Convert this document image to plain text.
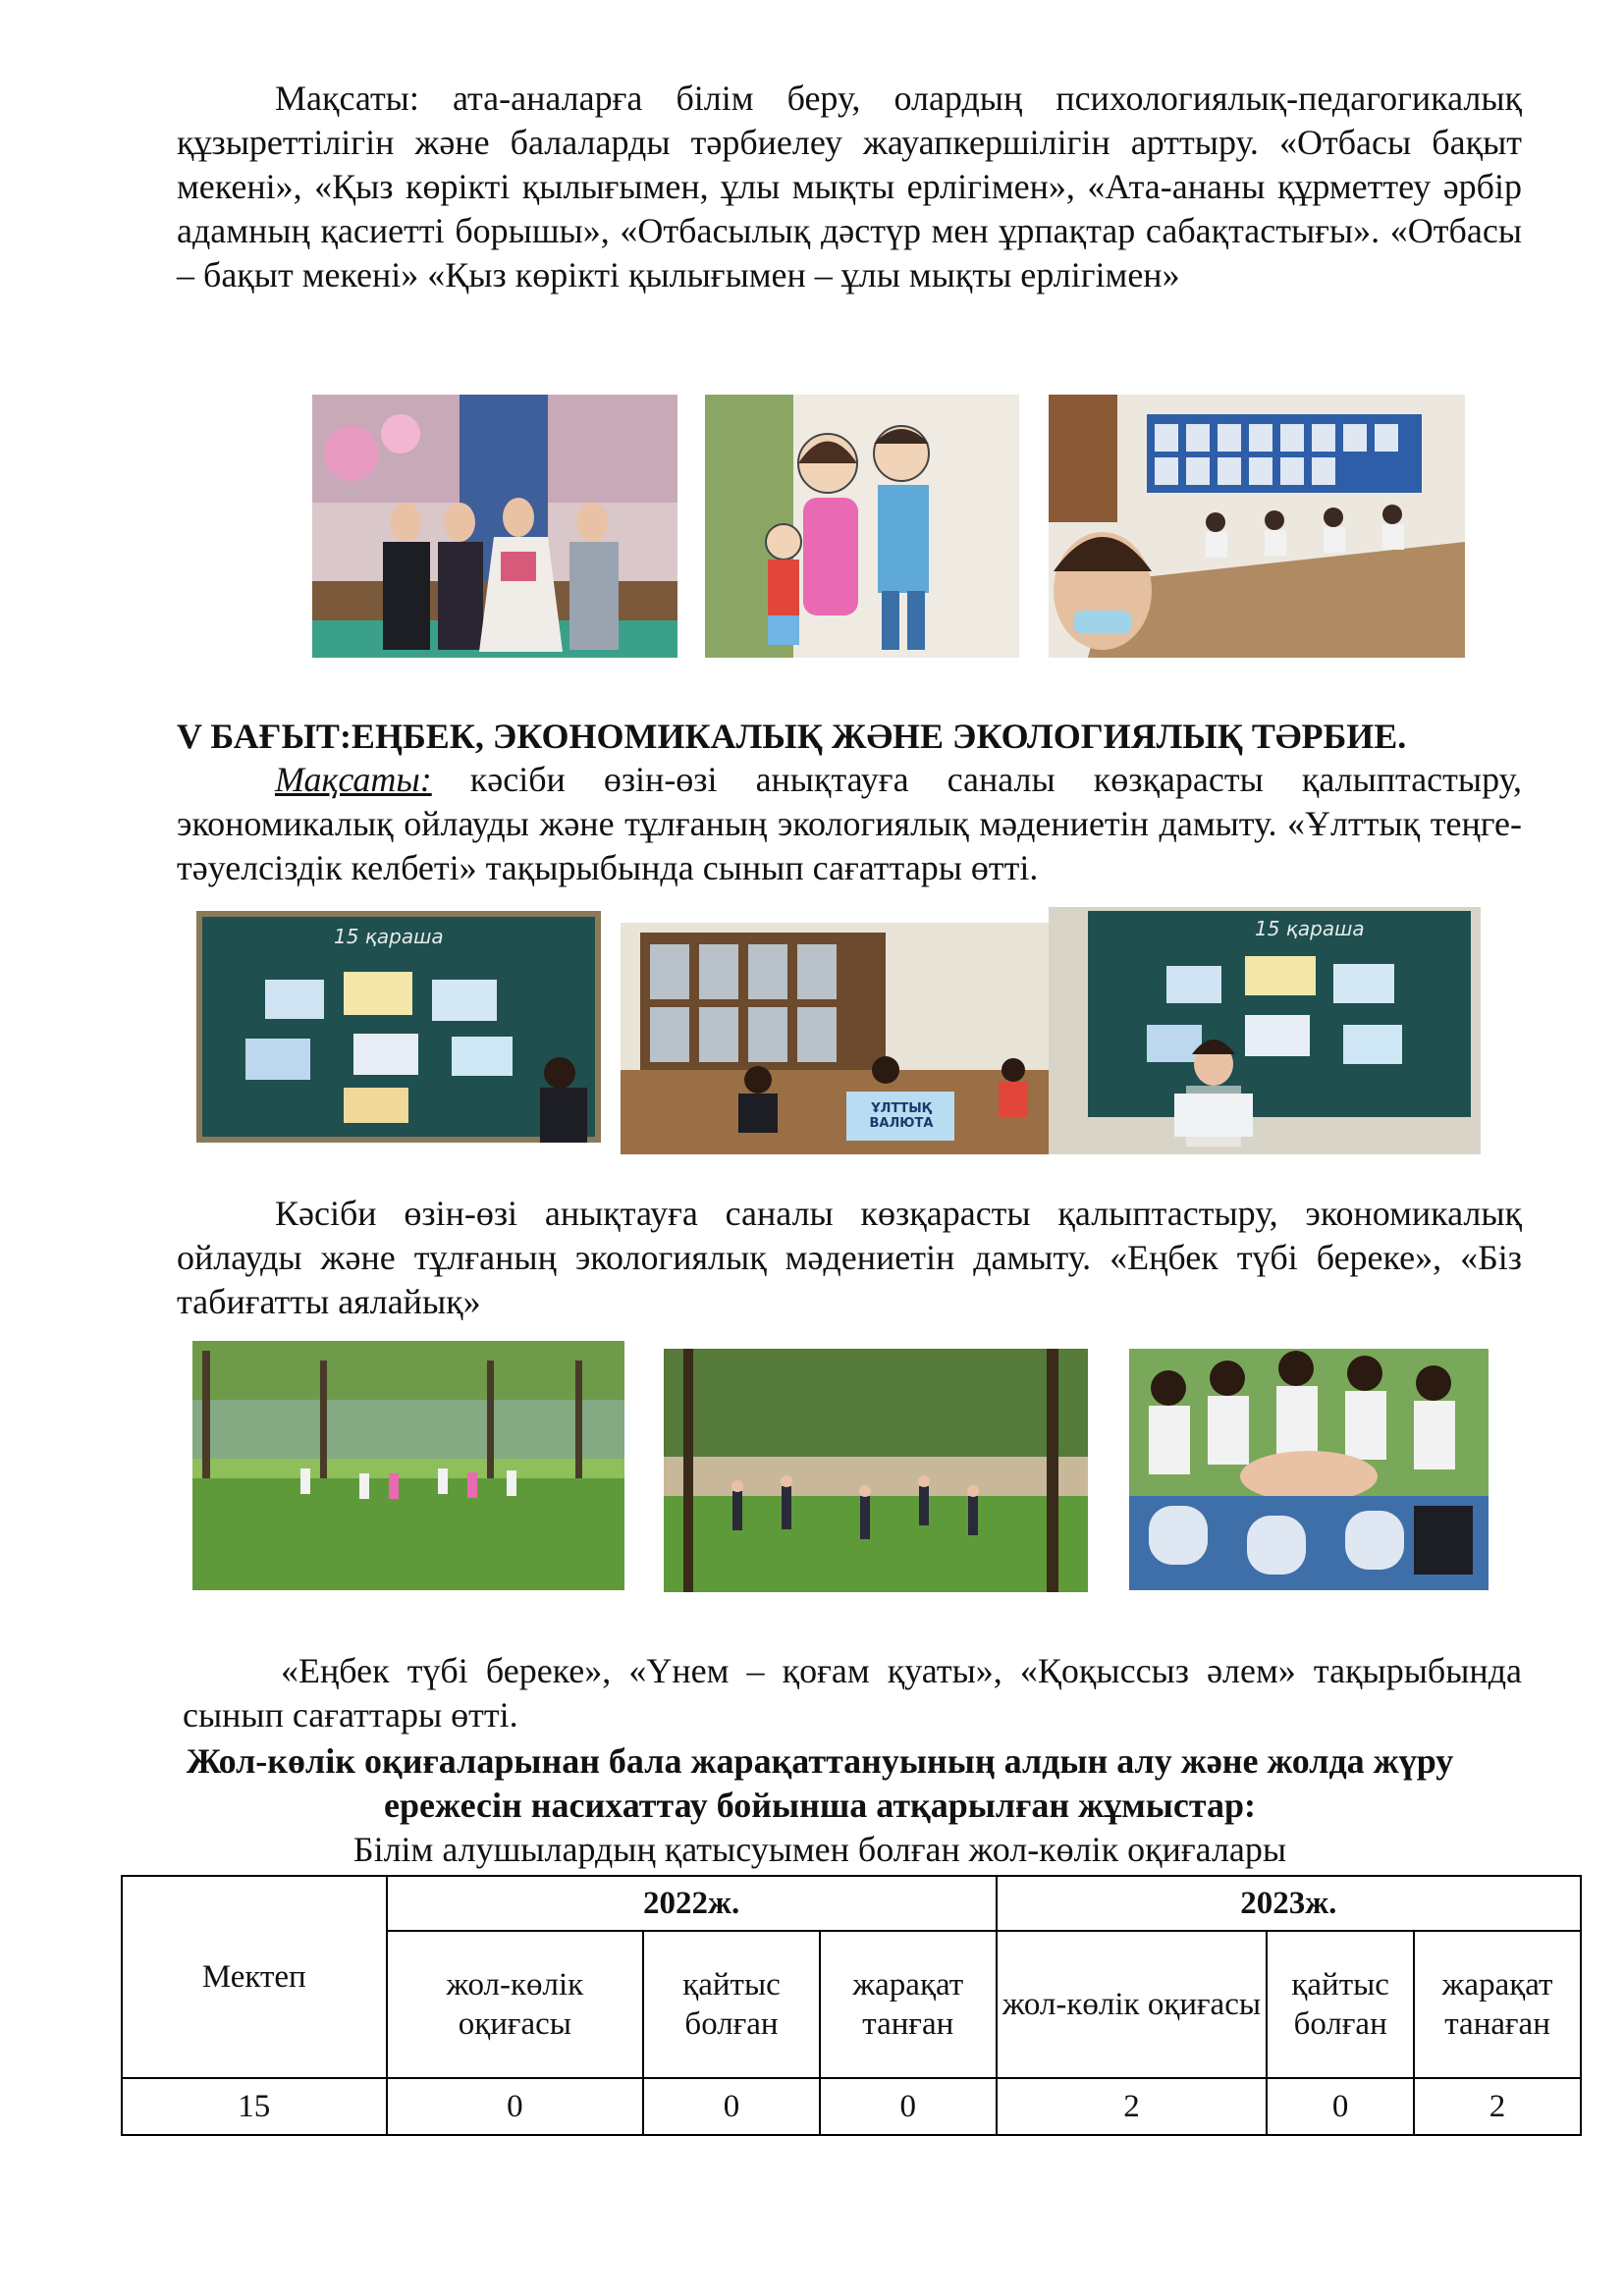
Мақсаты: ата-аналарға білім беру, олардың психологиялық-педагогикалық құзыреттілігін және балаларды тәрбиелеу жауапкершілігін арттыру. «Отбасы бақыт мекені», «Қыз көрікті қылығымен, ұлы мықты ерлігімен», «Ата-ананы құрметтеу әрбір адамның қасиетті борышы», «Отбасылық дәстүр мен ұрпақтар сабақтастығы». «Отбасы – бақыт мекені» «Қыз көрікті қылығымен – ұлы мықты ерлігімен»

V БАҒЫТ:ЕҢБЕК, ЭКОНОМИКАЛЫҚ ЖӘНЕ ЭКОЛОГИЯЛЫҚ ТӘРБИЕ.

Мақсаты: кәсіби өзін-өзі анықтауға саналы көзқарасты қалыптастыру, экономикалық ойлауды және тұлғаның экологиялық мәдениетін дамыту. «Ұлттық теңге-тәуелсіздік келбеті» тақырыбында сынып сағаттары өтті.

15 қараша
ҰЛТТЫҚ ВАЛЮТА
15 қараша

Кәсіби өзін-өзі анықтауға саналы көзқарасты қалыптастыру, экономикалық ойлауды және тұлғаның экологиялық мәдениетін дамыту. «Еңбек түбі береке», «Біз табиғатты аялайық»

«Еңбек түбі береке», «Үнем – қоғам қуаты», «Қоқыссыз әлем» тақырыбында сынып сағаттары өтті.

Жол-көлік оқиғаларынан бала жарақаттануының алдын алу және жолда жүру ережесін насихаттау бойынша атқарылған жұмыстар:

Білім алушылардың қатысуымен болған жол-көлік оқиғалары

Мектеп	2022ж.			2023ж.		
	жол-көлік оқиғасы	қайтыс болған	жарақат танған	жол-көлік оқиғасы	қайтыс болған	жарақат танаған
15	0	0	0	2	0	2
